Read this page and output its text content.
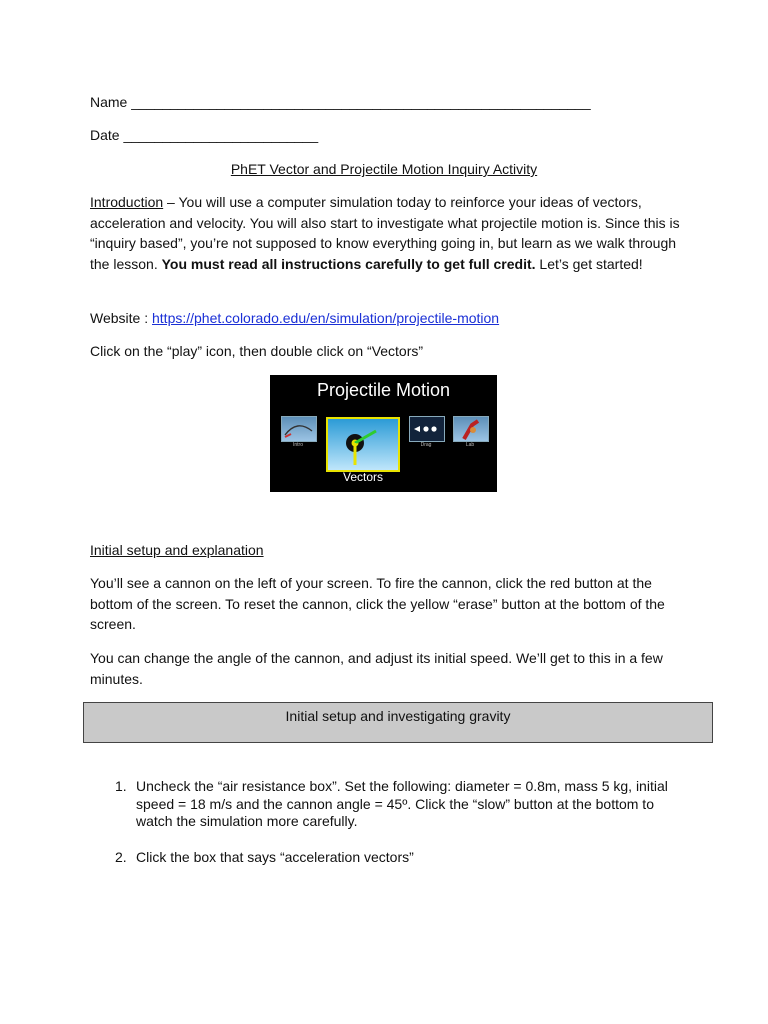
Name ___________________________________________________________
Date _________________________
PhET Vector and Projectile Motion Inquiry Activity
Introduction – You will use a computer simulation today to reinforce your ideas of vectors, acceleration and velocity. You will also start to investigate what projectile motion is. Since this is “inquiry based”, you’re not supposed to know everything going in, but learn as we walk through the lesson. You must read all instructions carefully to get full credit. Let’s get started!
Website : https://phet.colorado.edu/en/simulation/projectile-motion
Click on the “play” icon, then double click on “Vectors”
Projectile Motion
Intro
Vectors
Drag	Lab
Initial setup and explanation
You’ll see a cannon on the left of your screen. To fire the cannon, click the red button at the bottom of the screen. To reset the cannon, click the yellow “erase” button at the bottom of the screen.
You can change the angle of the cannon, and adjust its initial speed. We’ll get to this in a few minutes.
Initial setup and investigating gravity
1. Uncheck the “air resistance box”. Set the following: diameter = 0.8m, mass 5 kg, initial speed = 18 m/s and the cannon angle = 45º. Click the “slow” button at the bottom to watch the simulation more carefully.
2. Click the box that says “acceleration vectors”
